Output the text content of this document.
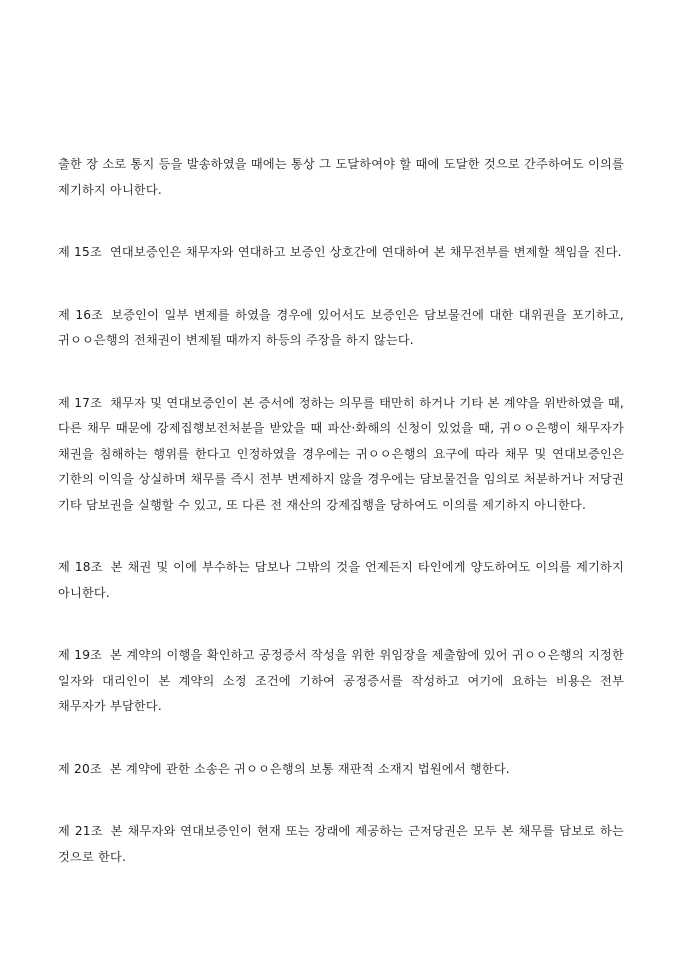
출한 장 소로 통지 등을 발송하였을 때에는 통상 그 도달하여야 할 때에 도달한 것으로 간주하여도 이의를 제기하지 아니한다.

제 15조 연대보증인은 채무자와 연대하고 보증인 상호간에 연대하여 본 채무전부를 변제할 책임을 진다.

제 16조 보증인이 일부 변제를 하였을 경우에 있어서도 보증인은 담보물건에 대한 대위권을 포기하고, 귀ㅇㅇ은행의 전채권이 변제될 때까지 하등의 주장을 하지 않는다.

제 17조 채무자 및 연대보증인이 본 증서에 정하는 의무를 태만히 하거나 기타 본 계약을 위반하였을 때, 다른 채무 때문에 강제집행보전처분을 받았을 때 파산·화해의 신청이 있었을 때, 귀ㅇㅇ은행이 채무자가 채권을 침해하는 행위를 한다고 인정하였을 경우에는 귀ㅇㅇ은행의 요구에 따라 채무 및 연대보증인은 기한의 이익을 상실하며 채무를 즉시 전부 변제하지 않을 경우에는 담보물건을 임의로 처분하거나 저당권 기타 담보권을 실행할 수 있고, 또 다른 전 재산의 강제집행을 당하여도 이의를 제기하지 아니한다.

제 18조 본 채권 및 이에 부수하는 담보나 그밖의 것을 언제든지 타인에게 양도하여도 이의를 제기하지 아니한다.

제 19조 본 계약의 이행을 확인하고 공정증서 작성을 위한 위임장을 제출함에 있어 귀ㅇㅇ은행의 지정한 일자와 대리인이 본 계약의 소정 조건에 기하여 공정증서를 작성하고 여기에 요하는 비용은 전부 채무자가 부담한다.

제 20조 본 계약에 관한 소송은 귀ㅇㅇ은행의 보통 재판적 소재지 법원에서 행한다.

제 21조 본 채무자와 연대보증인이 현재 또는 장래에 제공하는 근저당권은 모두 본 채무를 담보로 하는 것으로 한다.
